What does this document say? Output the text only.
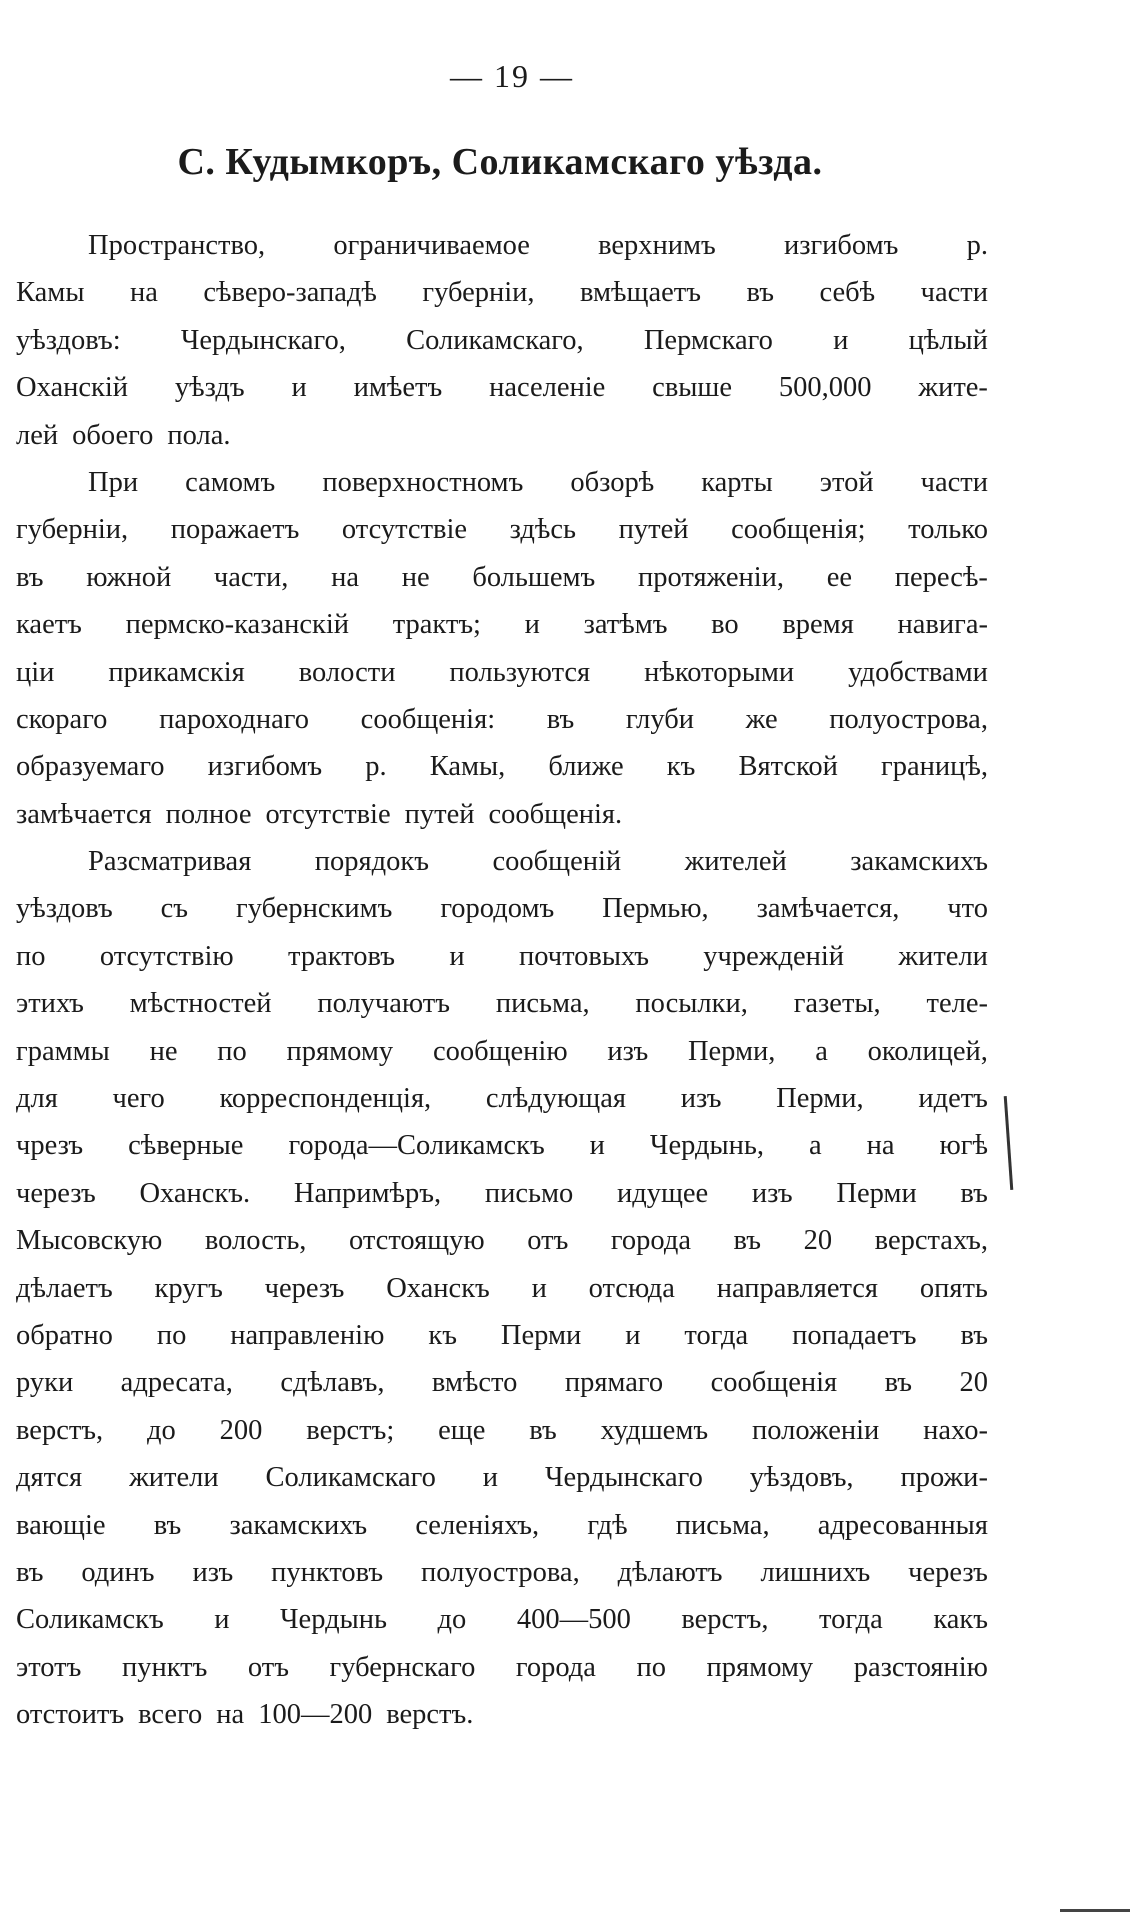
— 19 —
С. Кудымкоръ, Соликамскаго уѣзда.
Пространство, ограничиваемое верхнимъ изгибомъ р.
Камы на сѣверо-западѣ губерніи, вмѣщаетъ въ себѣ части
уѣздовъ: Чердынскаго, Соликамскаго, Пермскаго и цѣлый
Оханскій уѣздъ и имѣетъ населеніе свыше 500,000 жите-
лей обоего пола.
При самомъ поверхностномъ обзорѣ карты этой части
губерніи, поражаетъ отсутствіе здѣсь путей сообщенія; только
въ южной части, на не большемъ протяженіи, ее пересѣ-
каетъ пермско-казанскій трактъ; и затѣмъ во время навига-
ціи прикамскія волости пользуются нѣкоторыми удобствами
скораго пароходнаго сообщенія: въ глуби же полуострова,
образуемаго изгибомъ р. Камы, ближе къ Вятской границѣ,
замѣчается полное отсутствіе путей сообщенія.
Разсматривая порядокъ сообщеній жителей закамскихъ
уѣздовъ съ губернскимъ городомъ Пермью, замѣчается, что
по отсутствію трактовъ и почтовыхъ учрежденій жители
этихъ мѣстностей получаютъ письма, посылки, газеты, теле-
граммы не по прямому сообщенію изъ Перми, а околицей,
для чего корреспонденція, слѣдующая изъ Перми, идетъ
чрезъ сѣверные города—Соликамскъ и Чердынь, а на югѣ
черезъ Оханскъ. Напримѣръ, письмо идущее изъ Перми въ
Мысовскую волость, отстоящую отъ города въ 20 верстахъ,
дѣлаетъ кругъ черезъ Оханскъ и отсюда направляется опять
обратно по направленію къ Перми и тогда попадаетъ въ
руки адресата, сдѣлавъ, вмѣсто прямаго сообщенія въ 20
верстъ, до 200 верстъ; еще въ худшемъ положеніи нахо-
дятся жители Соликамскаго и Чердынскаго уѣздовъ, прожи-
вающіе въ закамскихъ селеніяхъ, гдѣ письма, адресованныя
въ одинъ изъ пунктовъ полуострова, дѣлаютъ лишнихъ черезъ
Соликамскъ и Чердынь до 400—500 верстъ, тогда какъ
этотъ пунктъ отъ губернскаго города по прямому разстоянію
отстоитъ всего на 100—200 верстъ.
